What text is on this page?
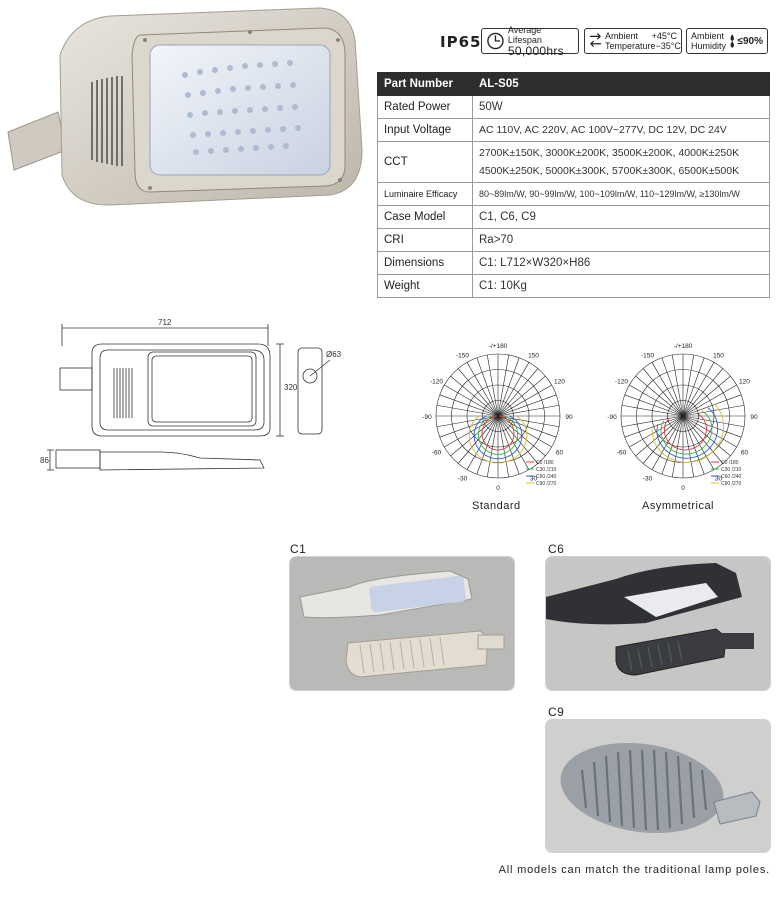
IP65
Average Lifespan
50,000hrs
Ambient +45°C
Temperature −35°C
Ambient
Humidity ≤90%
Part Number	AL-S05
Rated Power	50W
Input Voltage	AC 110V, AC 220V, AC 100V~277V, DC 12V, DC 24V
CCT	2700K±150K, 3000K±200K, 3500K±200K, 4000K±250K
4500K±250K, 5000K±300K, 5700K±300K, 6500K±500K

Luminaire Efficacy	80~89lm/W, 90~99lm/W, 100~109lm/W, 110~129lm/W, ≥130lm/W
Case Model	C1, C6, C9
CRI	Ra>70
Dimensions	C1: L712×W320×H86
Weight	C1: 10Kg
712
320
86
Ø63
-/+180
150
120
90
60
30
0
-30
-60
-90
-120
-150
C0 /180
C30 /210
C60 /240
C90 /270
-/+180
150
120
90
60
30
0
-30
-60
-90
-120
-150
C0 /180
C30 /210
C60 /240
C90 /270
Standard	Asymmetrical
C1	C6
C9
All models can match the traditional lamp poles.
